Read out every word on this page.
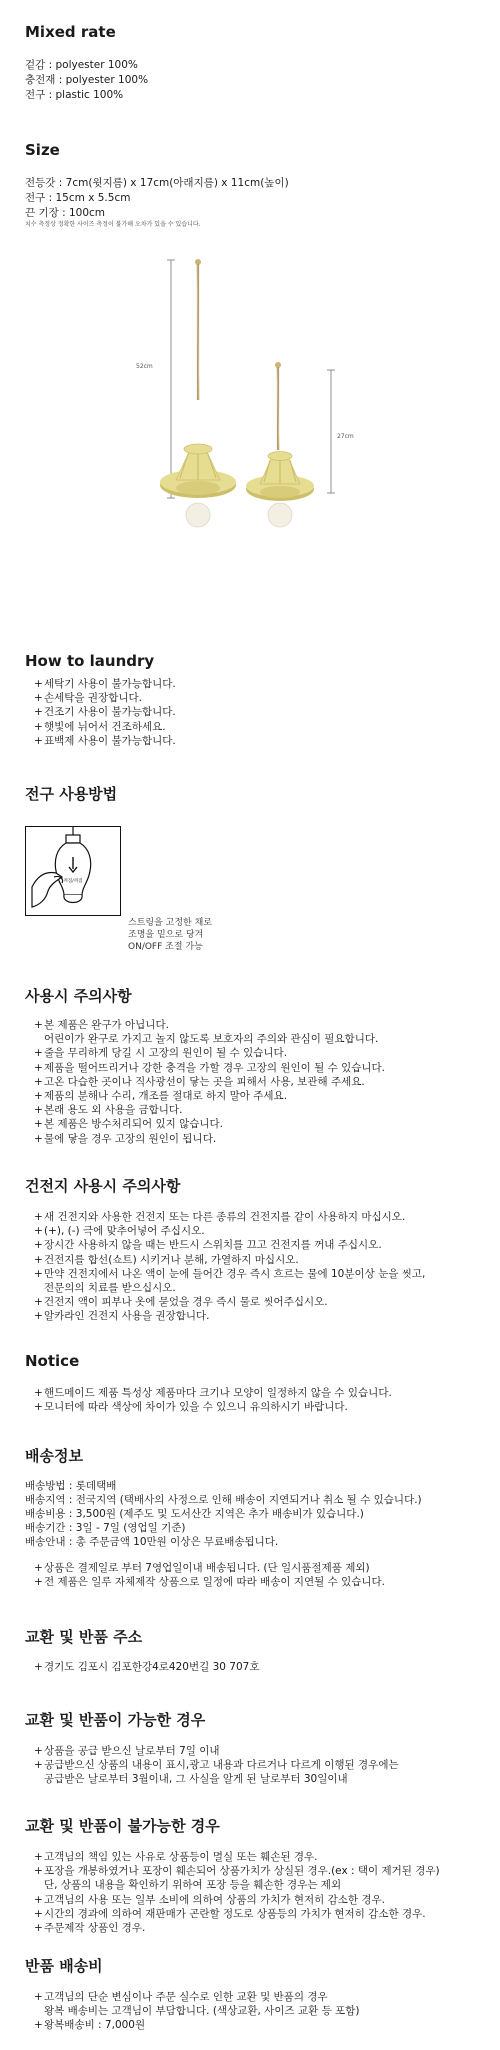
Mixed rate
겉감 : polyester 100%
충전재 : polyester 100%
전구 : plastic 100%
Size
전등갓 : 7cm(윗지름) x 17cm(아래지름) x 11cm(높이)
전구 : 15cm x 5.5cm
끈 기장 : 100cm
치수 측정상 정확한 사이즈 측정이 불가해 오차가 있을 수 있습니다.
52cm
27cm
How to laundry
+세탁기 사용이 불가능합니다.
+손세탁을 권장합니다.
+건조기 사용이 불가능합니다.
+햇빛에 뉘어서 건조하세요.
+표백제 사용이 불가능합니다.
전구 사용방법
켜짐/꺼짐
스트링을 고정한 채로
조명을 밑으로 당겨
ON/OFF 조절 가능
사용시 주의사항
+본 제품은 완구가 아닙니다.
어린이가 완구로 가지고 놀지 않도록 보호자의 주의와 관심이 필요합니다.
+줄을 무리하게 당길 시 고장의 원인이 될 수 있습니다.
+제품을 떨어뜨리거나 강한 충격을 가할 경우 고장의 원인이 될 수 있습니다.
+고온 다습한 곳이나 직사광선이 닿는 곳을 피해서 사용, 보관해 주세요.
+제품의 분해나 수리, 개조를 절대로 하지 말아 주세요.
+본래 용도 외 사용을 금합니다.
+본 제품은 방수처리되어 있지 않습니다.
+물에 닿을 경우 고장의 원인이 됩니다.
건전지 사용시 주의사항
+새 건전지와 사용한 건전지 또는 다른 종류의 건전지를 같이 사용하지 마십시오.
+(+), (-) 극에 맞추어넣어 주십시오.
+장시간 사용하지 않을 때는 반드시 스위치를 끄고 건전지를 꺼내 주십시오.
+건전지를 합선(쇼트) 시키거나 분해, 가열하지 마십시오.
+만약 건전지에서 나온 액이 눈에 들어간 경우 즉시 흐르는 물에 10분이상 눈을 씻고,
전문의의 치료를 받으십시오.
+건전지 액이 피부나 옷에 묻었을 경우 즉시 물로 씻어주십시오.
+알카라인 건전지 사용을 권장합니다.
Notice
+핸드메이드 제품 특성상 제품마다 크기나 모양이 일정하지 않을 수 있습니다.
+모니터에 따라 색상에 차이가 있을 수 있으니 유의하시기 바랍니다.
배송정보
배송방법 : 롯데택배
배송지역 : 전국지역 (택배사의 사정으로 인해 배송이 지연되거나 취소 될 수 있습니다.)
배송비용 : 3,500원 (제주도 및 도서산간 지역은 추가 배송비가 있습니다.)
배송기간 : 3일 - 7일 (영업일 기준)
배송안내 : 총 주문금액 10만원 이상은 무료배송됩니다.
+상품은 결제일로 부터 7영업일이내 배송됩니다. (단 일시품절제품 제외)
+전 제품은 일루 자체제작 상품으로 일정에 따라 배송이 지연될 수 있습니다.
교환 및 반품 주소
+경기도 김포시 김포한강4로420번길 30 707호
교환 및 반품이 가능한 경우
+상품을 공급 받으신 날로부터 7일 이내
+공급받으신 상품의 내용이 표시,광고 내용과 다르거나 다르게 이행된 경우에는
공급받은 날로부터 3월이내, 그 사실을 알게 된 날로부터 30일이내
교환 및 반품이 불가능한 경우
+고객님의 책임 있는 사유로 상품등이 멸실 또는 훼손된 경우.
+포장을 개봉하였거나 포장이 훼손되어 상품가치가 상실된 경우.(ex : 택이 제거된 경우)
단, 상품의 내용을 확인하기 위하여 포장 등을 훼손한 경우는 제외
+고객님의 사용 또는 일부 소비에 의하여 상품의 가치가 현저히 감소한 경우.
+시간의 경과에 의하여 재판매가 곤란할 정도로 상품등의 가치가 현저히 감소한 경우.
+주문제작 상품인 경우.
반품 배송비
+고객님의 단순 변심이나 주문 실수로 인한 교환 및 반품의 경우
왕복 배송비는 고객님이 부담합니다. (색상교환, 사이즈 교환 등 포함)
+왕복배송비 : 7,000원
